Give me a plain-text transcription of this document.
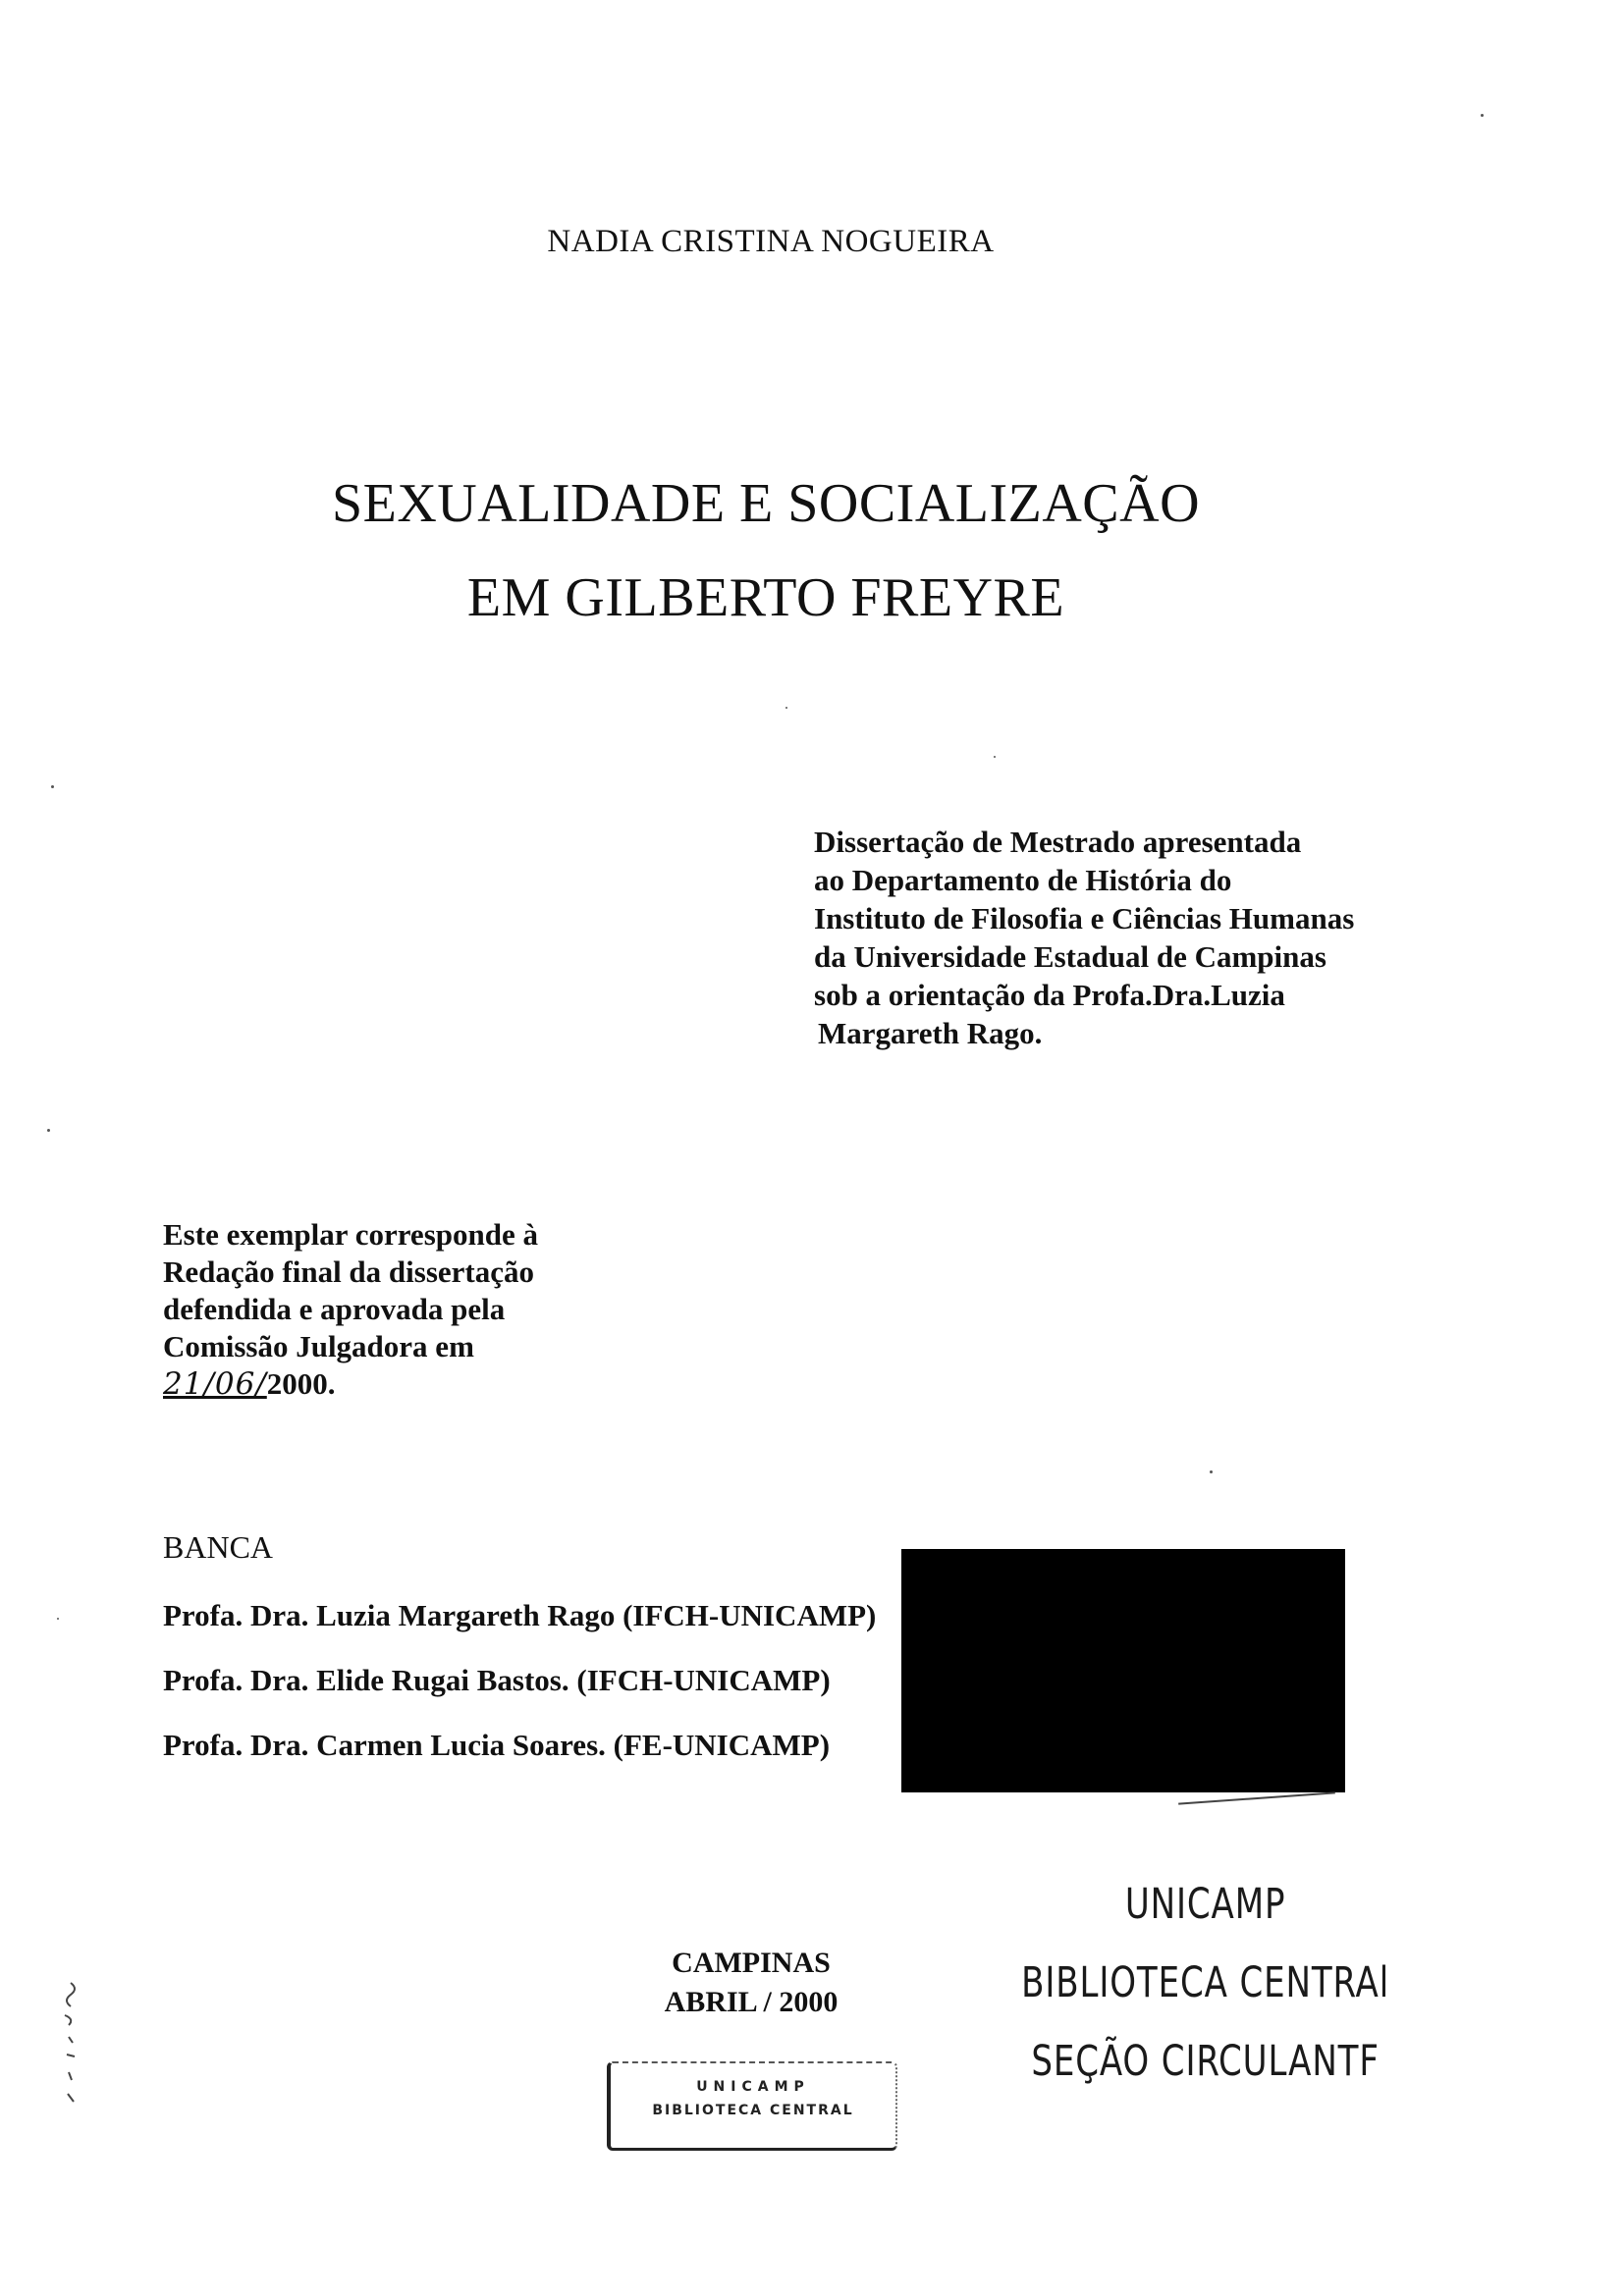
NADIA CRISTINA NOGUEIRA
SEXUALIDADE E SOCIALIZAÇÃO
EM GILBERTO FREYRE
Dissertação de Mestrado apresentada
ao Departamento de História do
Instituto de Filosofia e Ciências Humanas
da Universidade Estadual de Campinas
sob a orientação da Profa.Dra.Luzia
Margareth Rago.
Este exemplar corresponde à
Redação final da dissertação
defendida e aprovada pela
Comissão Julgadora em
21/06/2000.
BANCA
Profa. Dra. Luzia Margareth Rago (IFCH-UNICAMP)
Profa. Dra. Elide Rugai Bastos. (IFCH-UNICAMP)
Profa. Dra. Carmen Lucia Soares. (FE-UNICAMP)
UNICAMP
BIBLIOTECA CENTRAl
SEÇÃO CIRCULANTF
CAMPINAS
ABRIL / 2000
UNICAMP
BIBLIOTECA CENTRAL
